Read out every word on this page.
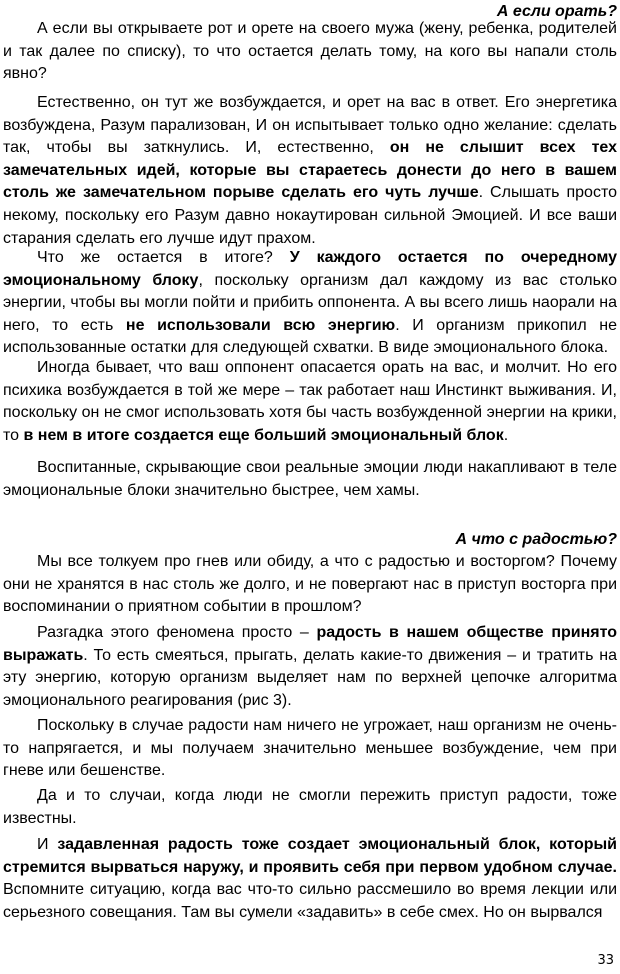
А если орать?

А если вы открываете рот и орете на своего мужа (жену, ребенка, родителей и так далее по списку), то что остается делать тому, на кого вы напали столь явно?

Естественно, он тут же возбуждается, и орет на вас в ответ. Его энергетика возбуждена, Разум парализован, И он испытывает только одно желание: сделать так, чтобы вы заткнулись. И, естественно, он не слышит всех тех замечательных идей, которые вы стараетесь донести до него в вашем столь же замечательном порыве сделать его чуть лучше. Слышать просто некому, поскольку его Разум давно нокаутирован сильной Эмоцией. И все ваши старания сделать его лучше идут прахом.

Что же остается в итоге? У каждого остается по очередному эмоциональному блоку, поскольку организм дал каждому из вас столько энергии, чтобы вы могли пойти и прибить оппонента. А вы всего лишь наорали на него, то есть не использовали всю энергию. И организм прикопил не использованные остатки для следующей схватки. В виде эмоционального блока.

Иногда бывает, что ваш оппонент опасается орать на вас, и молчит. Но его психика возбуждается в той же мере – так работает наш Инстинкт выживания. И, поскольку он не смог использовать хотя бы часть возбужденной энергии на крики, то в нем в итоге создается еще больший эмоциональный блок.

Воспитанные, скрывающие свои реальные эмоции люди накапливают в теле эмоциональные блоки значительно быстрее, чем хамы.

А что с радостью?

Мы все толкуем про гнев или обиду, а что с радостью и восторгом? Почему они не хранятся в нас столь же долго, и не повергают нас в приступ восторга при воспоминании о приятном событии в прошлом?

Разгадка этого феномена просто – радость в нашем обществе принято выражать. То есть смеяться, прыгать, делать какие-то движения – и тратить на эту энергию, которую организм выделяет нам по верхней цепочке алгоритма эмоционального реагирования (рис 3).

Поскольку в случае радости нам ничего не угрожает, наш организм не очень-то напрягается, и мы получаем значительно меньшее возбуждение, чем при гневе или бешенстве.

Да и то случаи, когда люди не смогли пережить приступ радости, тоже известны.

И задавленная радость тоже создает эмоциональный блок, который стремится вырваться наружу, и проявить себя при первом удобном случае. Вспомните ситуацию, когда вас что-то сильно рассмешило во время лекции или серьезного совещания. Там вы сумели «задавить» в себе смех. Но он вырвался

33
